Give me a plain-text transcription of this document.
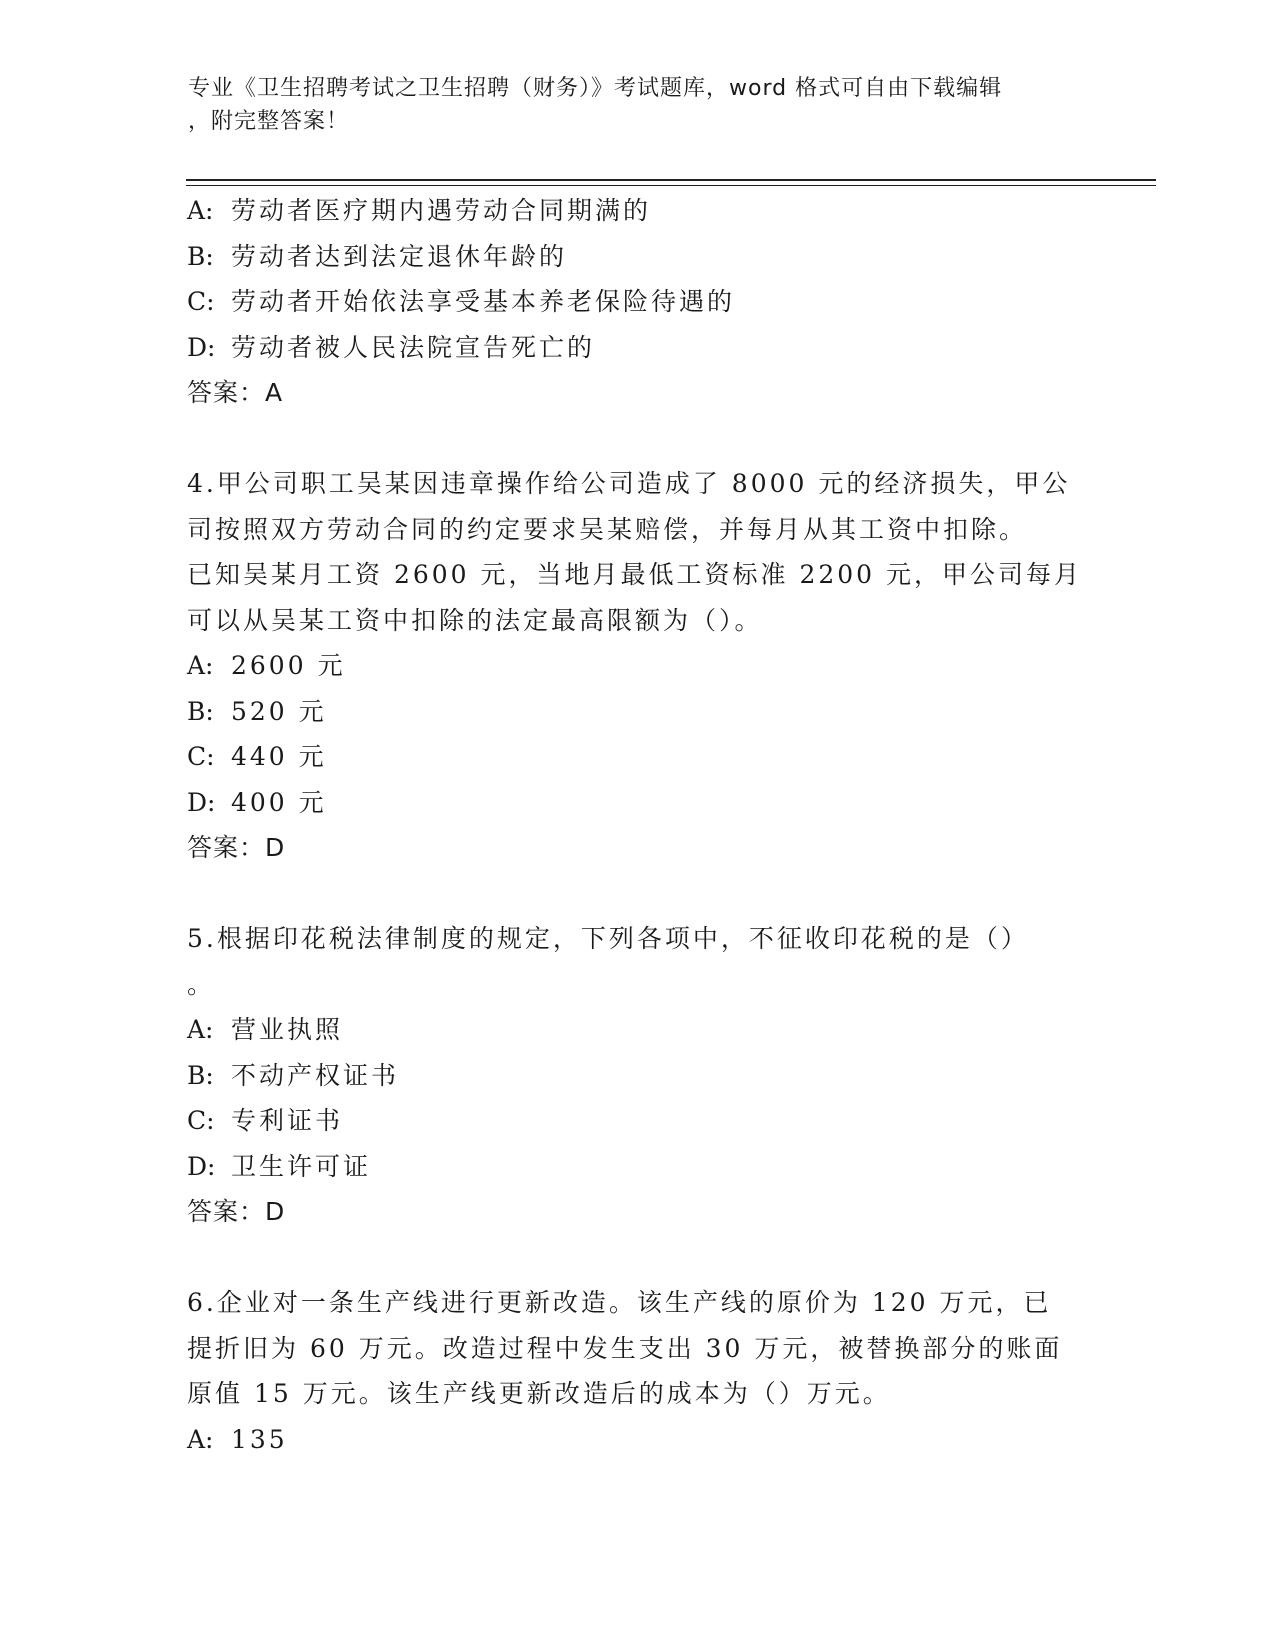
专业《卫生招聘考试之卫生招聘（财务）》考试题库，word 格式可自由下载编辑
，附完整答案！
A: 劳动者医疗期内遇劳动合同期满的
B: 劳动者达到法定退休年龄的
C: 劳动者开始依法享受基本养老保险待遇的
D: 劳动者被人民法院宣告死亡的
答案：A
4.甲公司职工吴某因违章操作给公司造成了 8000 元的经济损失，甲公
司按照双方劳动合同的约定要求吴某赔偿，并每月从其工资中扣除。
已知吴某月工资 2600 元，当地月最低工资标准 2200 元，甲公司每月
可以从吴某工资中扣除的法定最高限额为（）。
A: 2600 元
B: 520 元
C: 440 元
D: 400 元
答案：D
5.根据印花税法律制度的规定，下列各项中，不征收印花税的是（）
。
A: 营业执照
B: 不动产权证书
C: 专利证书
D: 卫生许可证
答案：D
6.企业对一条生产线进行更新改造。该生产线的原价为 120 万元，已
提折旧为 60 万元。改造过程中发生支出 30 万元，被替换部分的账面
原值 15 万元。该生产线更新改造后的成本为（）万元。
A: 135
